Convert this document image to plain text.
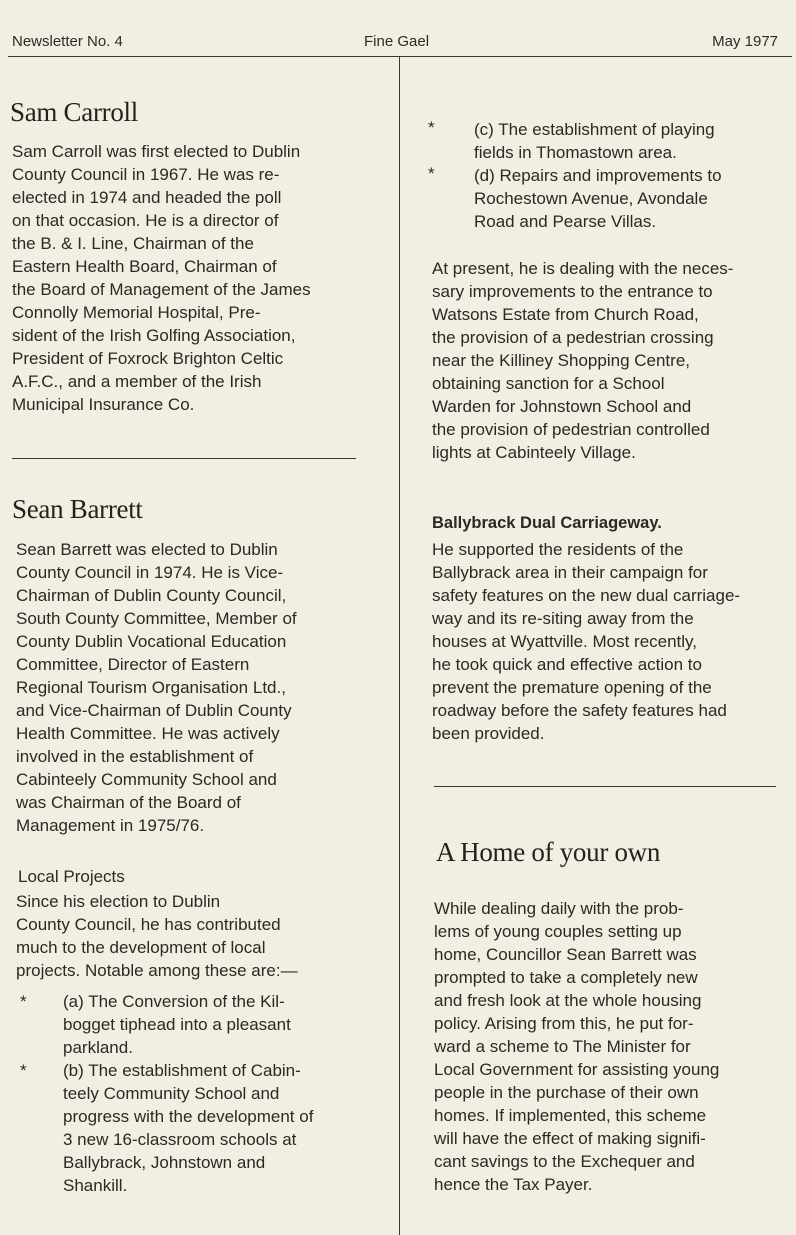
Newsletter No. 4	Fine Gael	May 1977
Sam Carroll
Sam Carroll was first elected to Dublin
County Council in 1967. He was re-
elected in 1974 and headed the poll
on that occasion. He is a director of
the B. & I. Line, Chairman of the
Eastern Health Board, Chairman of
the Board of Management of the James
Connolly Memorial Hospital, Pre-
sident of the Irish Golfing Association,
President of Foxrock Brighton Celtic
A.F.C., and a member of the Irish
Municipal Insurance Co.
Sean Barrett
Sean Barrett was elected to Dublin
County Council in 1974. He is Vice-
Chairman of Dublin County Council,
South County Committee, Member of
County Dublin Vocational Education
Committee, Director of Eastern
Regional Tourism Organisation Ltd.,
and Vice-Chairman of Dublin County
Health Committee. He was actively
involved in the establishment of
Cabinteely Community School and
was Chairman of the Board of
Management in 1975/76.
Local Projects
Since his election to Dublin
County Council, he has contributed
much to the development of local
projects. Notable among these are:—
* (a) The Conversion of the Kil-
bogget tiphead into a pleasant
parkland.
* (b) The establishment of Cabin-
teely Community School and
progress with the development of
3 new 16-classroom schools at
Ballybrack, Johnstown and
Shankill.
* (c) The establishment of playing
fields in Thomastown area.
* (d) Repairs and improvements to
Rochestown Avenue, Avondale
Road and Pearse Villas.
At present, he is dealing with the neces-
sary improvements to the entrance to
Watsons Estate from Church Road,
the provision of a pedestrian crossing
near the Killiney Shopping Centre,
obtaining sanction for a School
Warden for Johnstown School and
the provision of pedestrian controlled
lights at Cabinteely Village.
Ballybrack Dual Carriageway.
He supported the residents of the
Ballybrack area in their campaign for
safety features on the new dual carriage-
way and its re-siting away from the
houses at Wyattville. Most recently,
he took quick and effective action to
prevent the premature opening of the
roadway before the safety features had
been provided.
A Home of your own
While dealing daily with the prob-
lems of young couples setting up
home, Councillor Sean Barrett was
prompted to take a completely new
and fresh look at the whole housing
policy. Arising from this, he put for-
ward a scheme to The Minister for
Local Government for assisting young
people in the purchase of their own
homes. If implemented, this scheme
will have the effect of making signifi-
cant savings to the Exchequer and
hence the Tax Payer.
